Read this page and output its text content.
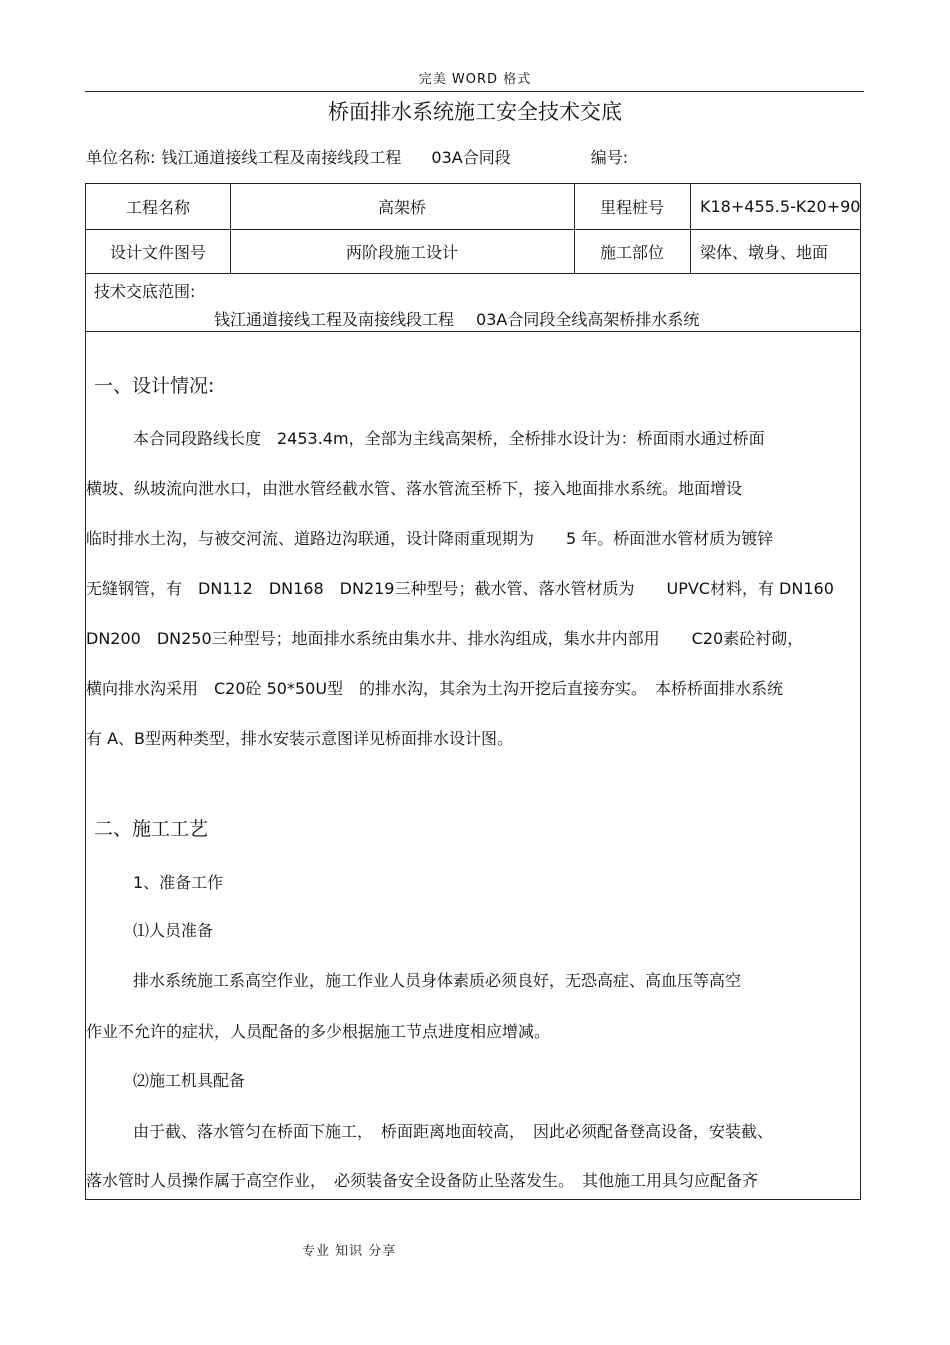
完美 WORD 格式
桥面排水系统施工安全技术交底
单位名称: 钱江通道接线工程及南接线段工程 03A合同段	编号:
工程名称	高架桥	里程桩号	K18+455.5-K20+90
设计文件图号	两阶段施工设计	施工部位	梁体、墩身、地面
技术交底范围:
钱江通道接线工程及南接线段工程 03A合同段全线高架桥排水系统
一、设计情况:
本合同段路线长度　2453.4m，全部为主线高架桥，全桥排水设计为：桥面雨水通过桥面
横坡、纵坡流向泄水口，由泄水管经截水管、落水管流至桥下，接入地面排水系统。地面增设
临时排水土沟，与被交河流、道路边沟联通，设计降雨重现期为　　5 年。桥面泄水管材质为镀锌
无缝钢管，有　DN112　DN168　DN219三种型号；截水管、落水管材质为　　UPVC材料，有 DN160
DN200　DN250三种型号；地面排水系统由集水井、排水沟组成，集水井内部用　　C20素砼衬砌，
横向排水沟采用　C20砼 50*50U型　的排水沟，其余为土沟开挖后直接夯实。　本桥桥面排水系统
有 A、B型两种类型，排水安装示意图详见桥面排水设计图。
二、施工工艺
1、准备工作
⑴人员准备
排水系统施工系高空作业，施工作业人员身体素质必须良好，无恐高症、高血压等高空
作业不允许的症状，人员配备的多少根据施工节点进度相应增减。
⑵施工机具配备
由于截、落水管匀在桥面下施工，　桥面距离地面较高，　因此必须配备登高设备，安装截、
落水管时人员操作属于高空作业，　必须装备安全设备防止坠落发生。　其他施工用具匀应配备齐
专业 知识 分享
